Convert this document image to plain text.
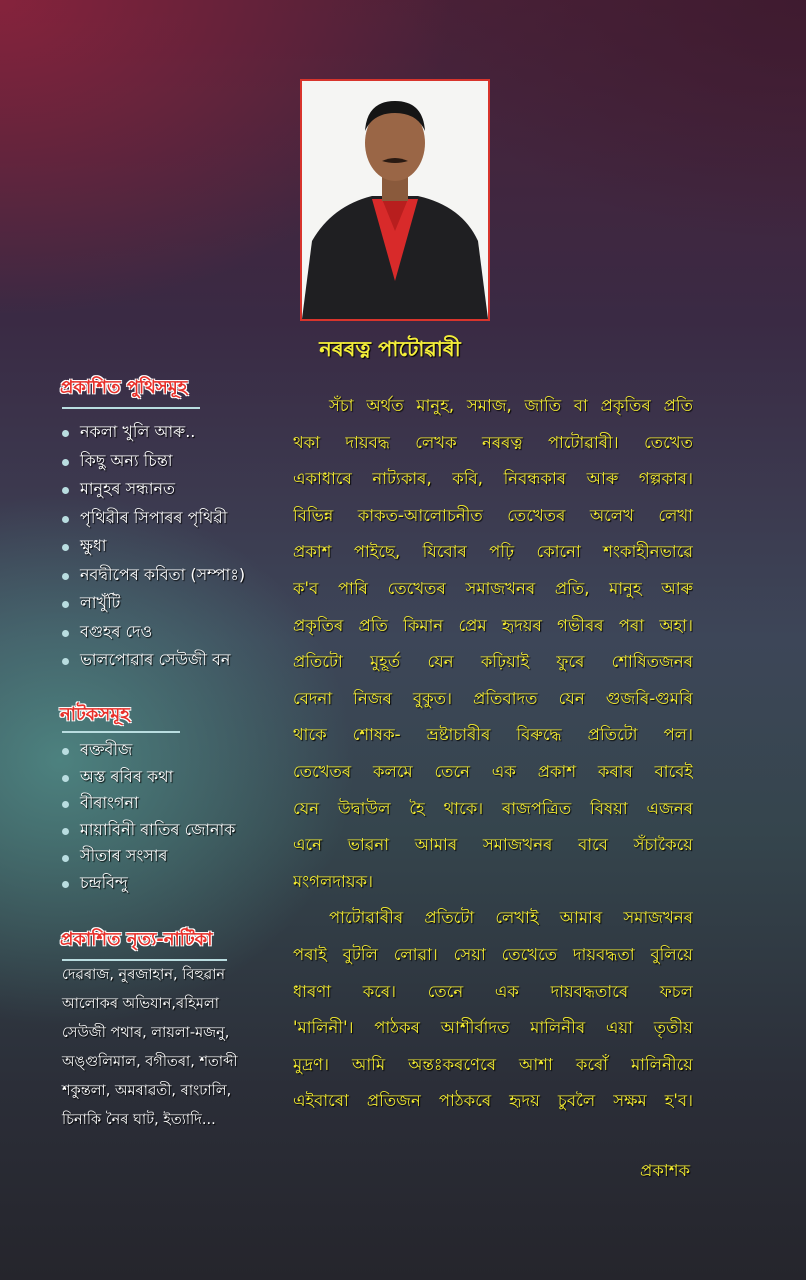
নৰৰত্ন পাটোৱাৰী
প্ৰকাশিত পুথিসমূহ
নকলা খুলি আৰু..
কিছু অন্য চিন্তা
মানুহৰ সন্ধানত
পৃথিৱীৰ সিপাৰৰ পৃথিৱী
ক্ষুধা
নবদ্বীপেৰ কবিতা (সম্পাঃ)
লাখুঁটি
বগুহৰ দেও
ভালপোৱাৰ সেউজী বন
নাটকসমূহ
ৰক্তবীজ
অস্ত ৰবিৰ কথা
বীৰাংগনা
মায়াবিনী ৰাতিৰ জোনাক
সীতাৰ সংসাৰ
চন্দ্ৰবিন্দু
প্ৰকাশিত নৃত্য-নাটিকা
দেৱৰাজ, নুৰজাহান, বিহুৱান
আলোকৰ অভিযান,ৰহিমলা
সেউজী পথাৰ, লায়লা-মজনু,
অঙ্গুলিমাল, বগীতৰা, শতাব্দী
শকুন্তলা, অমৰাৱতী, ৰাংঢালি,
চিনাকি নৈৰ ঘাট, ইত্যাদি...
সঁচা অৰ্থত মানুহ, সমাজ, জাতি বা প্ৰকৃতিৰ প্ৰতি
থকা দায়বদ্ধ লেখক নৰৰত্ন পাটোৱাৰী। তেখেত
একাধাৰে নাট্যকাৰ, কবি, নিবন্ধকাৰ আৰু গল্পকাৰ।
বিভিন্ন কাকত-আলোচনীত তেখেতৰ অলেখ লেখা
প্ৰকাশ পাইছে, যিবোৰ পঢ়ি কোনো শংকাহীনভাৱে
ক'ব পাৰি তেখেতৰ সমাজখনৰ প্ৰতি, মানুহ আৰু
প্ৰকৃতিৰ প্ৰতি কিমান প্ৰেম হৃদয়ৰ গভীৰৰ পৰা অহা।
প্ৰতিটো মুহূৰ্ত যেন কঢ়িয়াই ফুৰে শোষিতজনৰ
বেদনা নিজৰ বুকুত। প্ৰতিবাদত যেন গুজৰি-গুমৰি
থাকে শোষক- ভ্ৰষ্টাচাৰীৰ বিৰুদ্ধে প্ৰতিটো পল।
তেখেতৰ কলমে তেনে এক প্ৰকাশ কৰাৰ বাবেই
যেন উদ্বাউল হৈ থাকে। ৰাজপত্ৰিত বিষয়া এজনৰ
এনে ভাৱনা আমাৰ সমাজখনৰ বাবে সঁচাকৈয়ে
মংগলদায়ক।
পাটোৱাৰীৰ প্ৰতিটো লেখাই আমাৰ সমাজখনৰ
পৰাই বুটলি লোৱা। সেয়া তেখেতে দায়বদ্ধতা বুলিয়ে
ধাৰণা কৰে। তেনে এক দায়বদ্ধতাৰে ফচল
'মালিনী'। পাঠকৰ আশীৰ্বাদত মালিনীৰ এয়া তৃতীয়
মুদ্ৰণ। আমি অন্তঃকৰণেৰে আশা কৰোঁ মালিনীয়ে
এইবাৰো প্ৰতিজন পাঠকৰে হৃদয় চুবলৈ সক্ষম হ'ব।
প্ৰকাশক
